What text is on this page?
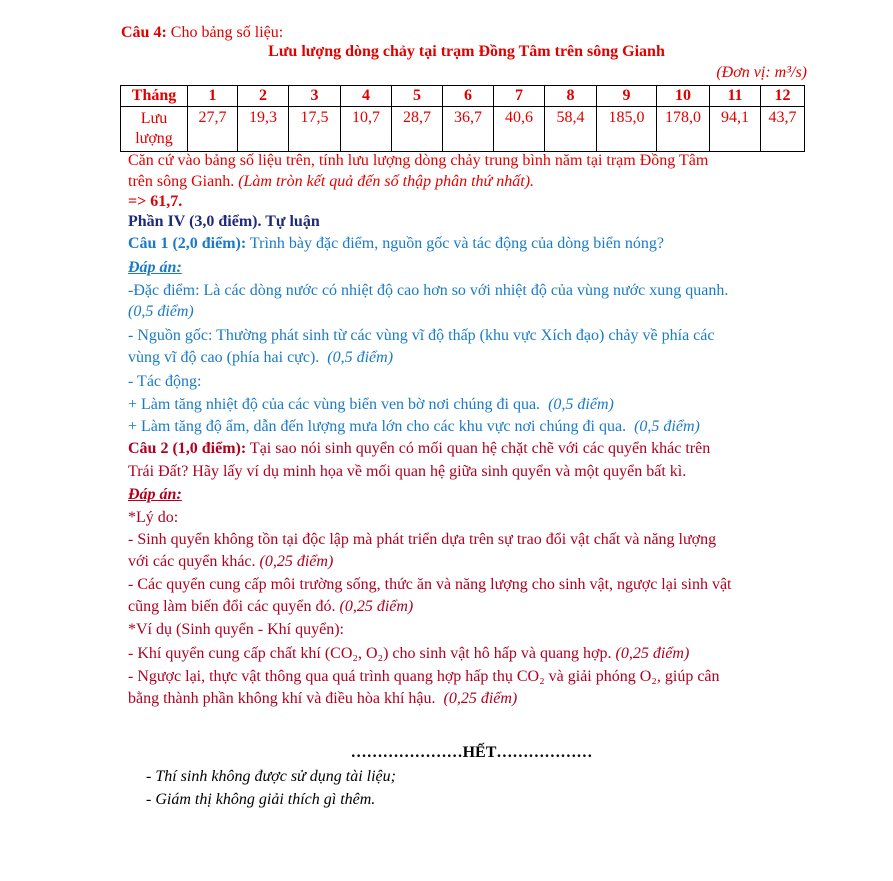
Câu 4: Cho bảng số liệu:
Lưu lượng dòng chảy tại trạm Đồng Tâm trên sông Gianh
(Đơn vị: m³/s)
Tháng	1	2	3	4	5	6	7	8	9	10	11	12
Lưu lượng	27,7	19,3	17,5	10,7	28,7	36,7	40,6	58,4	185,0	178,0	94,1	43,7
Căn cứ vào bảng số liệu trên, tính lưu lượng dòng chảy trung bình năm tại trạm Đồng Tâm
trên sông Gianh. (Làm tròn kết quả đến số thập phân thứ nhất).
=> 61,7.
Phần IV (3,0 điểm). Tự luận
Câu 1 (2,0 điểm): Trình bày đặc điểm, nguồn gốc và tác động của dòng biển nóng?
Đáp án:
-Đặc điểm: Là các dòng nước có nhiệt độ cao hơn so với nhiệt độ của vùng nước xung quanh.
(0,5 điểm)
- Nguồn gốc: Thường phát sinh từ các vùng vĩ độ thấp (khu vực Xích đạo) chảy về phía các
vùng vĩ độ cao (phía hai cực). (0,5 điểm)
- Tác động:
+ Làm tăng nhiệt độ của các vùng biển ven bờ nơi chúng đi qua. (0,5 điểm)
+ Làm tăng độ ẩm, dẫn đến lượng mưa lớn cho các khu vực nơi chúng đi qua. (0,5 điểm)
Câu 2 (1,0 điểm): Tại sao nói sinh quyển có mối quan hệ chặt chẽ với các quyển khác trên
Trái Đất? Hãy lấy ví dụ minh họa về mối quan hệ giữa sinh quyển và một quyển bất kì.
Đáp án:
*Lý do:
- Sinh quyển không tồn tại độc lập mà phát triển dựa trên sự trao đổi vật chất và năng lượng
với các quyển khác. (0,25 điểm)
- Các quyển cung cấp môi trường sống, thức ăn và năng lượng cho sinh vật, ngược lại sinh vật
cũng làm biến đổi các quyển đó. (0,25 điểm)
*Ví dụ (Sinh quyển - Khí quyển):
- Khí quyển cung cấp chất khí (CO₂, O₂) cho sinh vật hô hấp và quang hợp. (0,25 điểm)
- Ngược lại, thực vật thông qua quá trình quang hợp hấp thụ CO₂ và giải phóng O₂, giúp cân
bằng thành phần không khí và điều hòa khí hậu. (0,25 điểm)
…………………HẾT………………
- Thí sinh không được sử dụng tài liệu;
- Giám thị không giải thích gì thêm.
